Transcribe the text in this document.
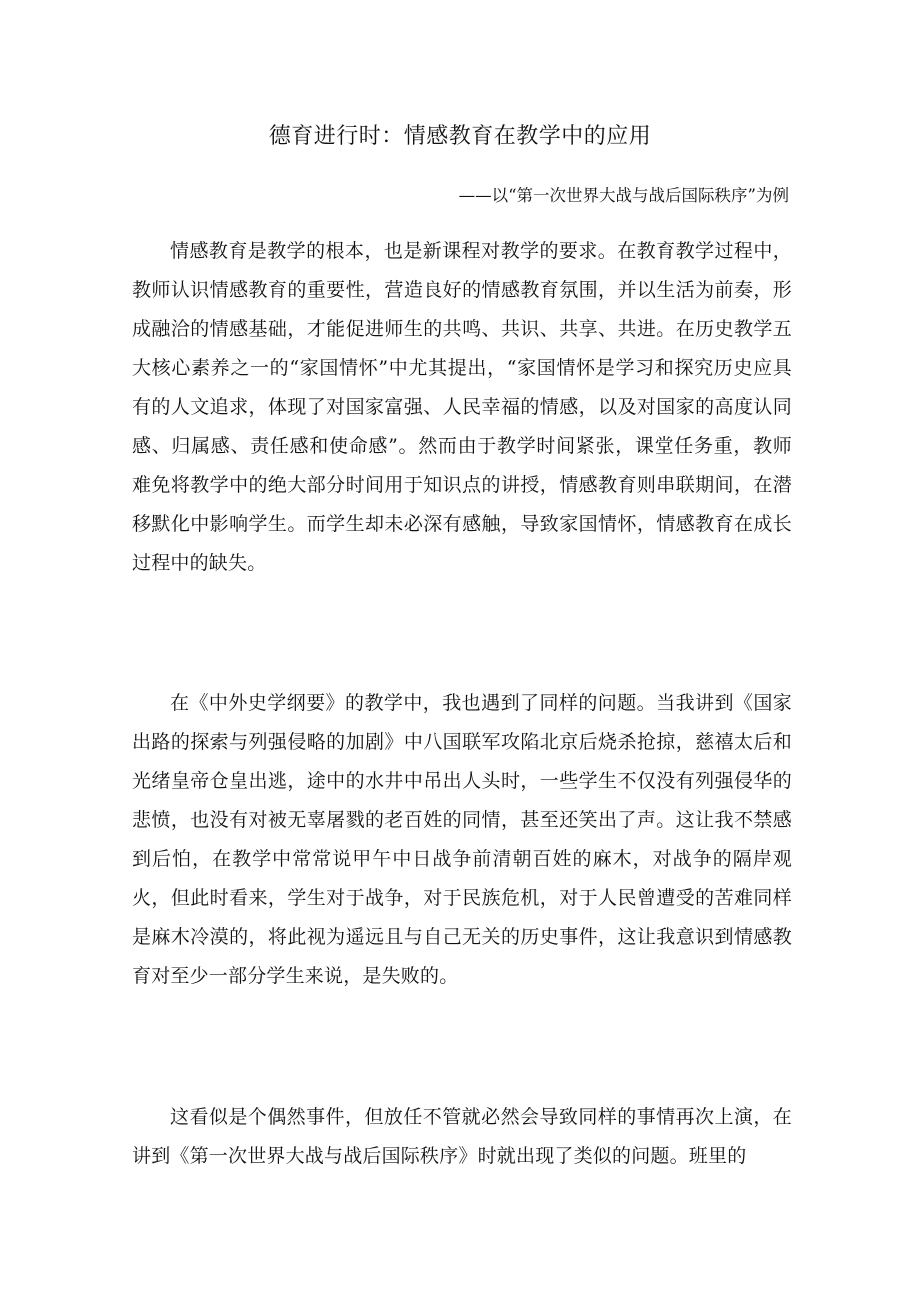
德育进行时：情感教育在教学中的应用

——以“第一次世界大战与战后国际秩序”为例

情感教育是教学的根本，也是新课程对教学的要求。在教育教学过程中，教师认识情感教育的重要性，营造良好的情感教育氛围，并以生活为前奏，形成融洽的情感基础，才能促进师生的共鸣、共识、共享、共进。在历史教学五大核心素养之一的“家国情怀”中尤其提出，“家国情怀是学习和探究历史应具有的人文追求，体现了对国家富强、人民幸福的情感，以及对国家的高度认同感、归属感、责任感和使命感”。然而由于教学时间紧张，课堂任务重，教师难免将教学中的绝大部分时间用于知识点的讲授，情感教育则串联期间，在潜移默化中影响学生。而学生却未必深有感触，导致家国情怀，情感教育在成长过程中的缺失。

在《中外史学纲要》的教学中，我也遇到了同样的问题。当我讲到《国家出路的探索与列强侵略的加剧》中八国联军攻陷北京后烧杀抢掠，慈禧太后和光绪皇帝仓皇出逃，途中的水井中吊出人头时，一些学生不仅没有列强侵华的悲愤，也没有对被无辜屠戮的老百姓的同情，甚至还笑出了声。这让我不禁感到后怕，在教学中常常说甲午中日战争前清朝百姓的麻木，对战争的隔岸观火，但此时看来，学生对于战争，对于民族危机，对于人民曾遭受的苦难同样是麻木冷漠的，将此视为遥远且与自己无关的历史事件，这让我意识到情感教育对至少一部分学生来说，是失败的。

这看似是个偶然事件，但放任不管就必然会导致同样的事情再次上演，在讲到《第一次世界大战与战后国际秩序》时就出现了类似的问题。班里的
